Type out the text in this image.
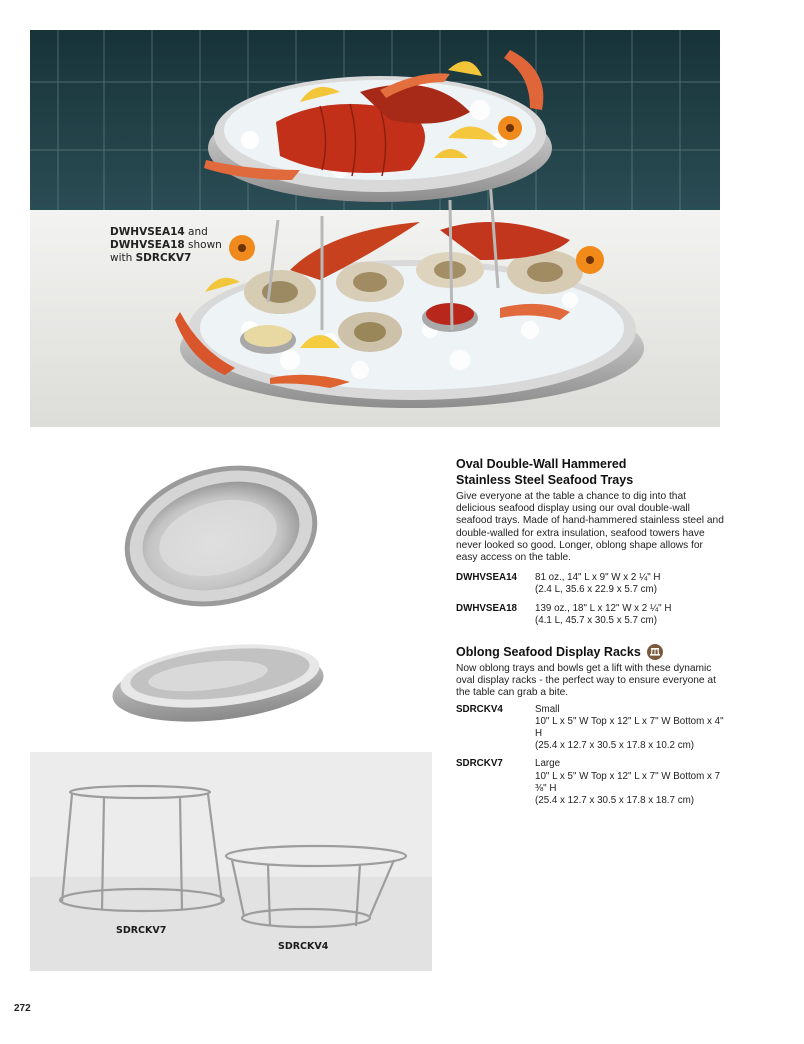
DWHVSEA14 and
DWHVSEA18 shown
with SDRCKV7
SDRCKV7
SDRCKV4
Oval Double-Wall Hammered
Stainless Steel Seafood Trays

Give everyone at the table a chance to dig into that delicious seafood display using our oval double-wall seafood trays. Made of hand-hammered stainless steel and double-walled for extra insulation, seafood towers have never looked so good. Longer, oblong shape allows for easy access on the table.

DWHVSEA14	81 oz., 14" L x 9" W x 2 ¼" H
(2.4 L, 35.6 x 22.9 x 5.7 cm)
DWHVSEA18	139 oz., 18" L x 12" W x 2 ¼" H
(4.1 L, 45.7 x 30.5 x 5.7 cm)
Oblong Seafood Display Racks

Now oblong trays and bowls get a lift with these dynamic oval display racks - the perfect way to ensure everyone at the table can grab a bite.

SDRCKV4	Small
10" L x 5" W Top x 12" L x 7" W Bottom x 4" H
(25.4 x 12.7 x 30.5 x 17.8 x 10.2 cm)
SDRCKV7	Large
10" L x 5" W Top x 12" L x 7" W Bottom x 7 ⅜" H
(25.4 x 12.7 x 30.5 x 17.8 x 18.7 cm)
272
